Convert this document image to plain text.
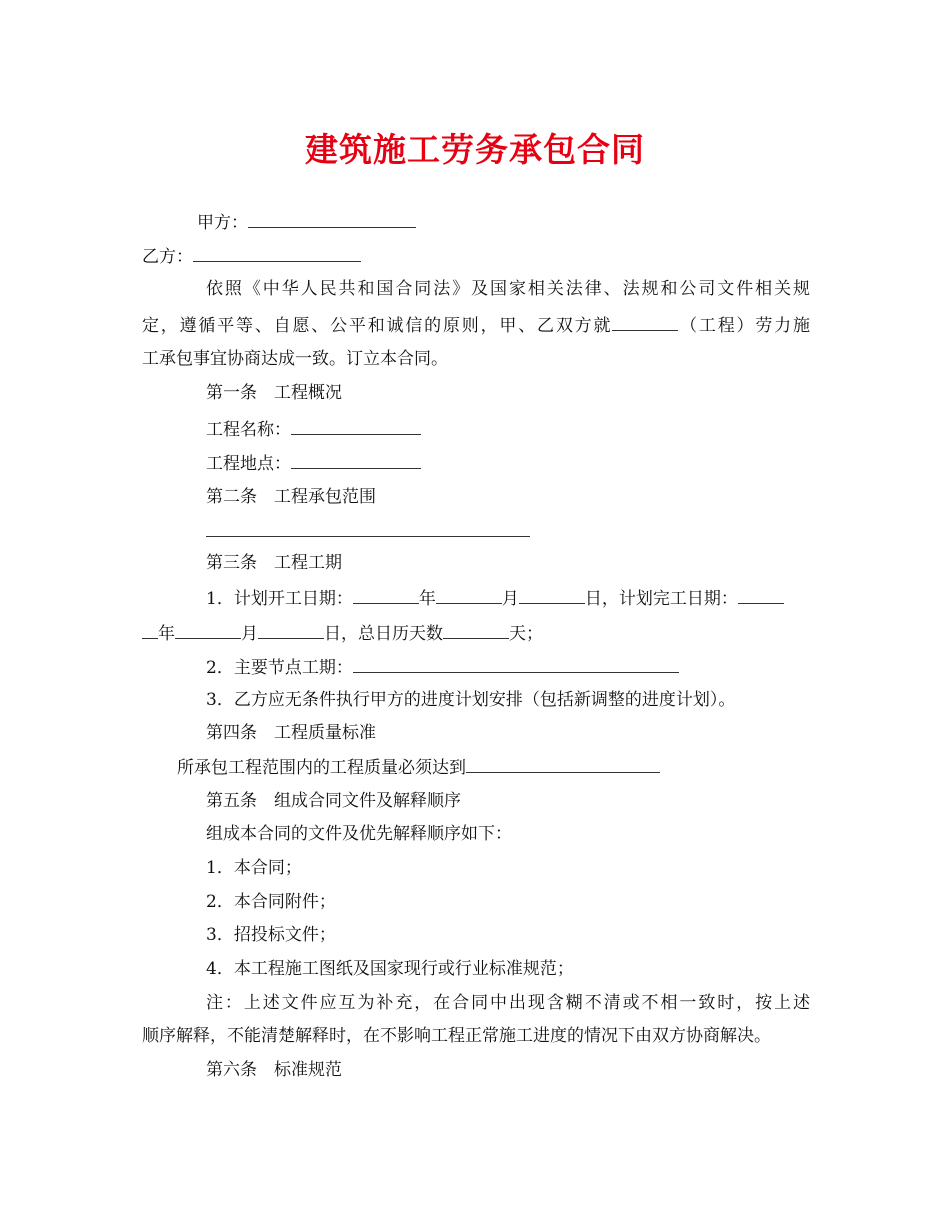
建筑施工劳务承包合同
甲方：
乙方：
依照《中华人民共和国合同法》及国家相关法律、法规和公司文件相关规
定，遵循平等、自愿、公平和诚信的原则，甲、乙双方就	（工程）劳力施
工承包事宜协商达成一致。订立本合同。
第一条　工程概况
工程名称：
工程地点：
第二条　工程承包范围
第三条　工程工期
1．计划开工日期：	年	月	日，计划完工日期：
年	月	日，总日历天数	天；
2．主要节点工期：
3．乙方应无条件执行甲方的进度计划安排（包括新调整的进度计划）。
第四条　工程质量标准
所承包工程范围内的工程质量必须达到
第五条　组成合同文件及解释顺序
组成本合同的文件及优先解释顺序如下：
1．本合同；
2．本合同附件；
3．招投标文件；
4．本工程施工图纸及国家现行或行业标准规范；
注：上述文件应互为补充，在合同中出现含糊不清或不相一致时，按上述
顺序解释，不能清楚解释时，在不影响工程正常施工进度的情况下由双方协商解决。
第六条　标准规范
